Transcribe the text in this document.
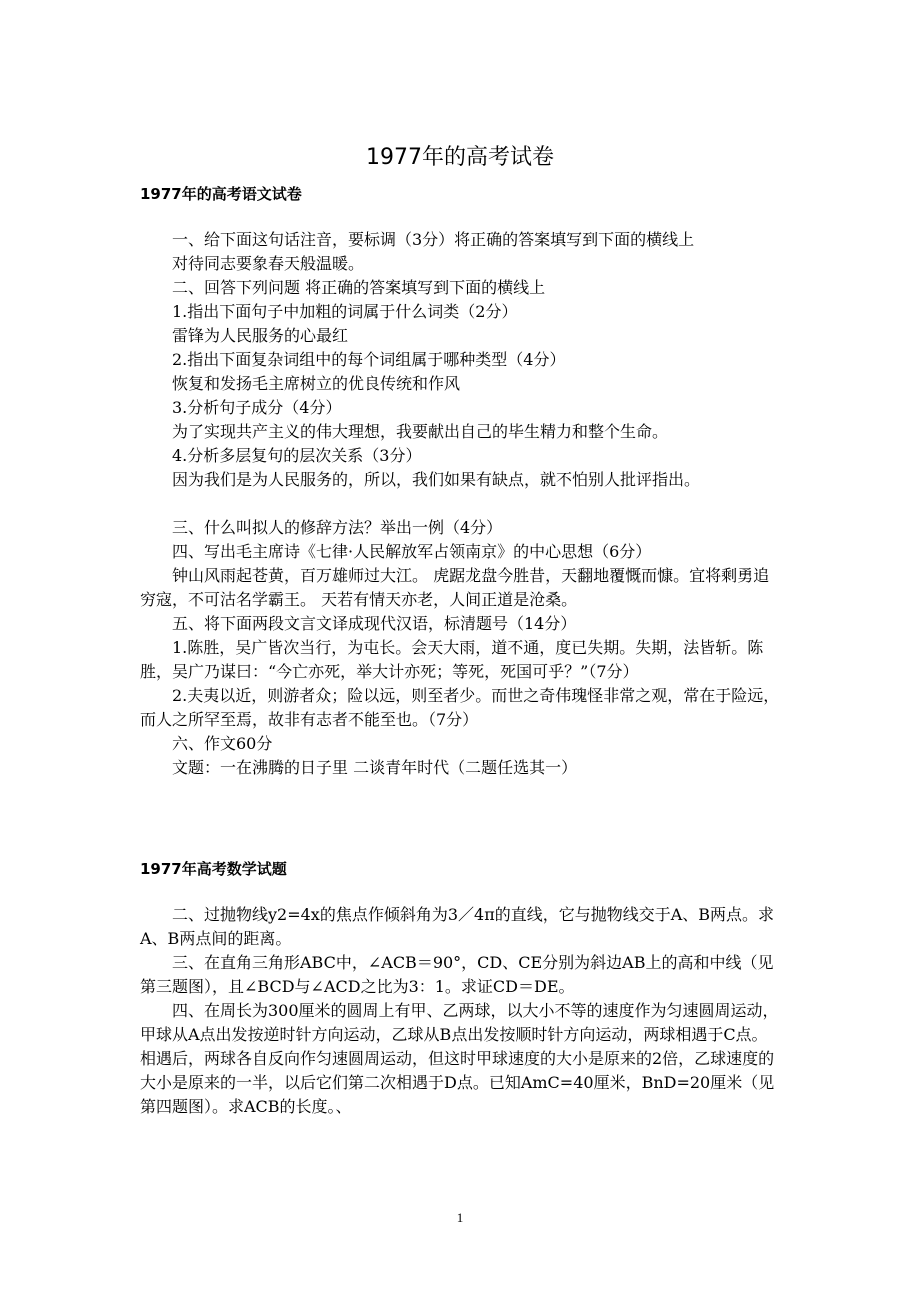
1977年的高考试卷
1977年的高考语文试卷

一、给下面这句话注音，要标调（3分）将正确的答案填写到下面的横线上

对待同志要象春天般温暖。

二、回答下列问题 将正确的答案填写到下面的横线上

1.指出下面句子中加粗的词属于什么词类（2分）

雷锋为人民服务的心最红

2.指出下面复杂词组中的每个词组属于哪种类型（4分）

恢复和发扬毛主席树立的优良传统和作风

3.分析句子成分（4分）

为了实现共产主义的伟大理想，我要献出自己的毕生精力和整个生命。

4.分析多层复句的层次关系（3分）

因为我们是为人民服务的，所以，我们如果有缺点，就不怕别人批评指出。

三、什么叫拟人的修辞方法？举出一例（4分）

四、写出毛主席诗《七律·人民解放军占领南京》的中心思想（6分）

钟山风雨起苍黄，百万雄师过大江。 虎踞龙盘今胜昔，天翻地覆慨而慷。宜将剩勇追穷寇，不可沽名学霸王。 天若有情天亦老，人间正道是沧桑。

五、将下面两段文言文译成现代汉语，标清题号（14分）

1.陈胜，吴广皆次当行，为屯长。会天大雨，道不通，度已失期。失期，法皆斩。陈胜，吴广乃谋曰：“今亡亦死，举大计亦死；等死，死国可乎？”（7分）

2.夫夷以近，则游者众；险以远，则至者少。而世之奇伟瑰怪非常之观，常在于险远，而人之所罕至焉，故非有志者不能至也。（7分）

六、作文60分

文题：一在沸腾的日子里 二谈青年时代（二题任选其一）

1977年高考数学试题

二、过抛物线y2=4x的焦点作倾斜角为3／4π的直线，它与抛物线交于A、B两点。求A、B两点间的距离。

三、在直角三角形ABC中，∠ACB＝90°，CD、CE分别为斜边AB上的高和中线（见第三题图），且∠BCD与∠ACD之比为3：1。求证CD＝DE。

四、在周长为300厘米的圆周上有甲、乙两球，以大小不等的速度作为匀速圆周运动，甲球从A点出发按逆时针方向运动，乙球从B点出发按顺时针方向运动，两球相遇于C点。相遇后，两球各自反向作匀速圆周运动，但这时甲球速度的大小是原来的2倍，乙球速度的大小是原来的一半，以后它们第二次相遇于D点。已知AmC=40厘米，BnD=20厘米（见第四题图）。求ACB的长度。、

1
